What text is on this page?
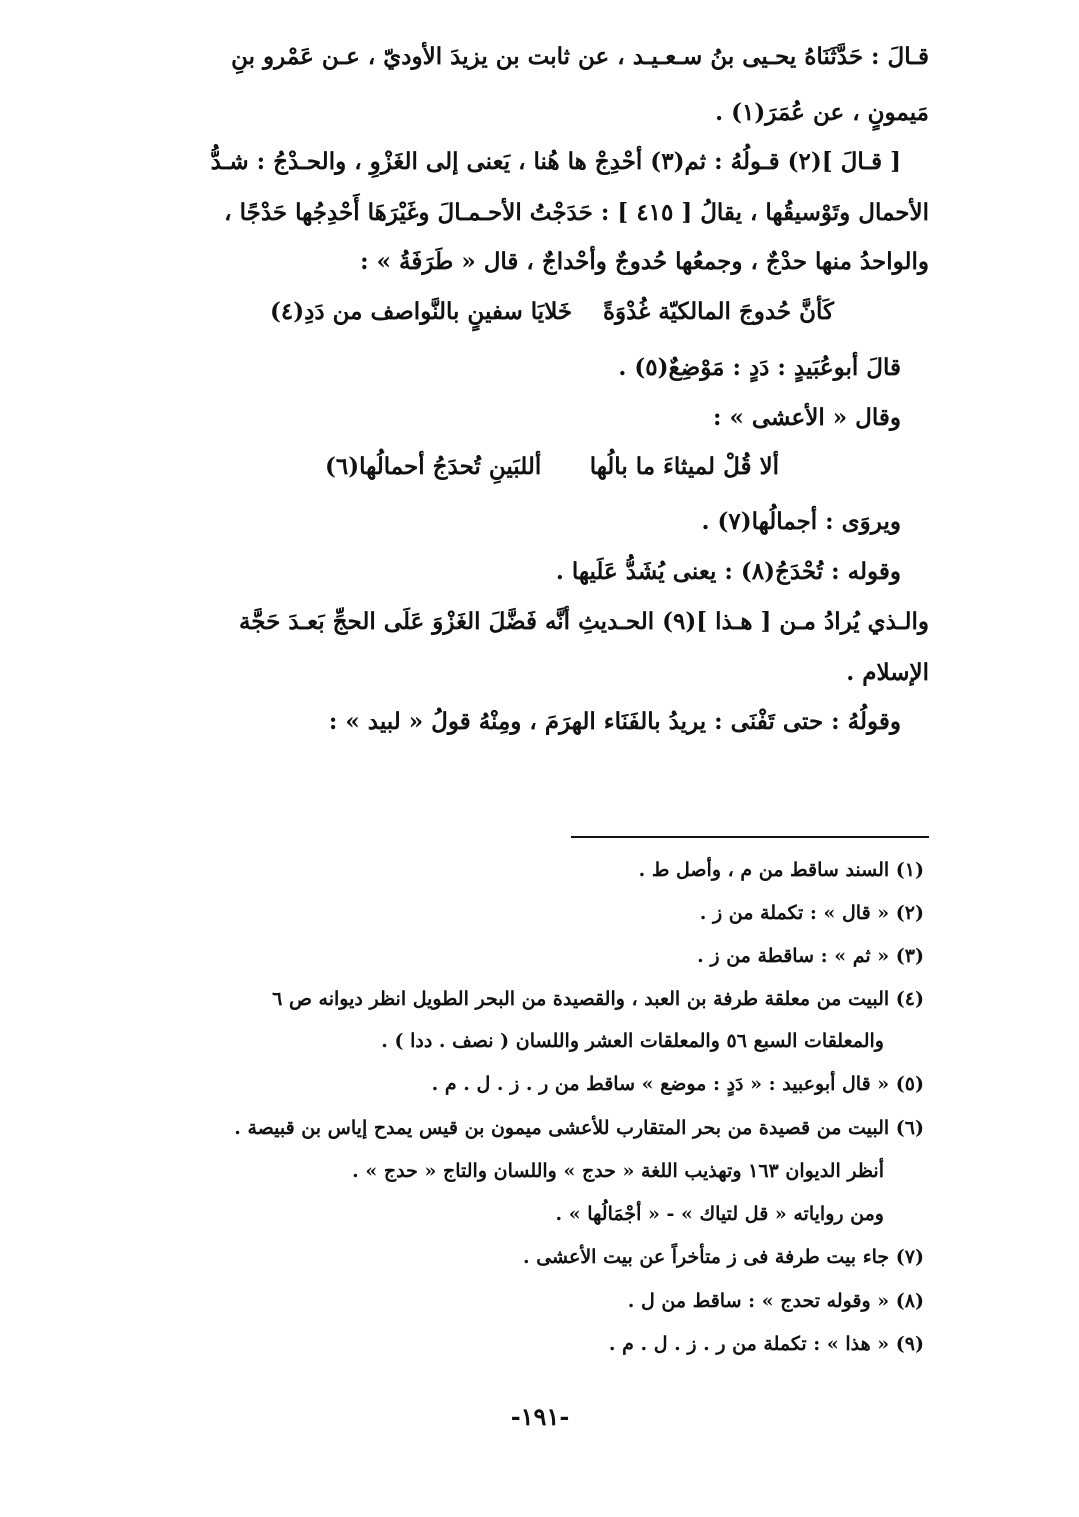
قـالَ : حَدَّثَنَاهُ يحـيى بنُ سـعـيـد ، عن ثابت بن يزيدَ الأوديّ ، عـن عَمْرو بنِ
مَيمونٍ ، عن عُمَرَ(١) .
[ قـالَ ](٢) قـولُهُ : ثم(٣) أحْدِجْ ها هُنا ، يَعنى إلى الغَزْوِ ، والحـدْجُ : شـدُّ
الأحمال وتَوْسيقُها ، يقالُ [ ٤١٥ ] : حَدَجْتُ الأحـمـالَ وغَيْرَهَا أَحْدِجُها حَدْجًا ،
والواحدُ منها حدْجٌ ، وجمعُها حُدوجٌ وأحْداجٌ ، قال « طَرَفَةُ » :
كَأنَّ حُدوجَ المالكيّة غُدْوَةً
خَلايَا سفينٍ بالنَّواصف من دَدِ(٤)
قالَ أبوعُبَيدٍ : دَدٍ : مَوْضِعٌ(٥) .
وقال « الأعشى » :
ألا قُلْ لميثاءَ ما بالُها
أللبَينِ تُحدَجُ أحمالُها(٦)
ويروَى : أجمالُها(٧) .
وقوله : تُحْدَجُ(٨) : يعنى يُشَدُّ عَلَيها .
والـذي يُرادُ مـن [ هـذا ](٩) الحـديثِ أنَّه فَضَّلَ الغَزْوَ عَلَى الحجِّ بَعـدَ حَجَّة
الإسلام .
وقولُهُ : حتى تَفْنَى : يريدُ بالفَنَاء الهرَمَ ، ومِنْهُ قولُ « لبيد » :
(١) السند ساقط من م ، وأصل ط .
(٢) « قال » : تكملة من ز .
(٣) « ثم » : ساقطة من ز .
(٤) البيت من معلقة طرفة بن العبد ، والقصيدة من البحر الطويل انظر ديوانه ص ٦
والمعلقات السبع ٥٦ والمعلقات العشر واللسان ( نصف . ددا ) .
(٥) « قال أبوعبيد : « دَدٍ : موضع » ساقط من ر . ز . ل . م .
(٦) البيت من قصيدة من بحر المتقارب للأعشى ميمون بن قيس يمدح إياس بن قبيصة .
أنظر الديوان ١٦٣ وتهذيب اللغة « حدج » واللسان والتاج « حدج » .
ومن رواياته « قل لتياك » - « أجْمَالُها » .
(٧) جاء بيت طرفة فى ز متأخراً عن بيت الأعشى .
(٨) « وقوله تحدج » : ساقط من ل .
(٩) « هذا » : تكملة من ر . ز . ل . م .
-١٩١-
